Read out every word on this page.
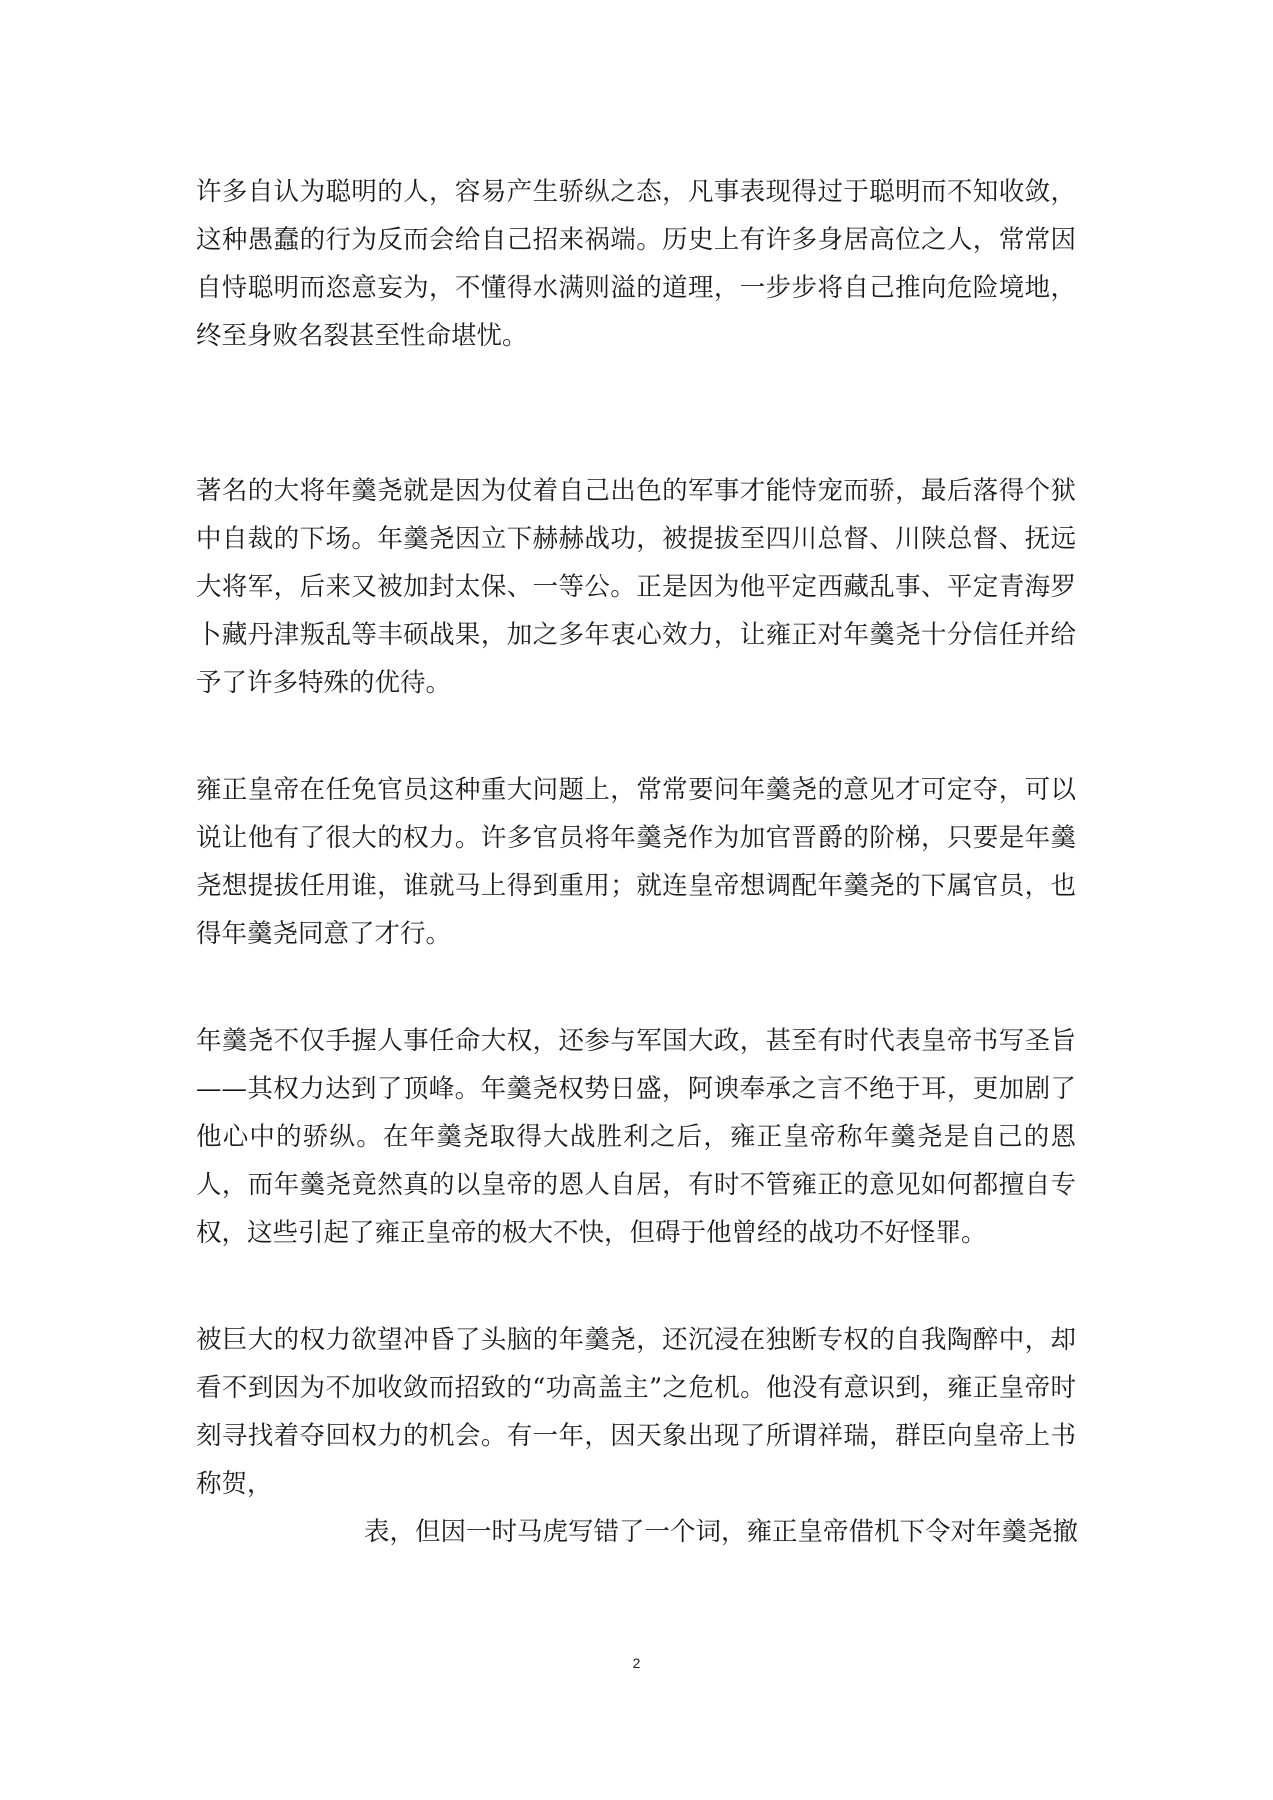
许多自认为聪明的人，容易产生骄纵之态，凡事表现得过于聪明而不知收敛，这种愚蠢的行为反而会给自己招来祸端。历史上有许多身居高位之人，常常因自恃聪明而恣意妄为，不懂得水满则溢的道理，一步步将自己推向危险境地，终至身败名裂甚至性命堪忧。

著名的大将年羹尧就是因为仗着自己出色的军事才能恃宠而骄，最后落得个狱中自裁的下场。年羹尧因立下赫赫战功，被提拔至四川总督、川陕总督、抚远大将军，后来又被加封太保、一等公。正是因为他平定西藏乱事、平定青海罗卜藏丹津叛乱等丰硕战果，加之多年衷心效力，让雍正对年羹尧十分信任并给予了许多特殊的优待。

雍正皇帝在任免官员这种重大问题上，常常要问年羹尧的意见才可定夺，可以说让他有了很大的权力。许多官员将年羹尧作为加官晋爵的阶梯，只要是年羹尧想提拔任用谁，谁就马上得到重用；就连皇帝想调配年羹尧的下属官员，也得年羹尧同意了才行。

年羹尧不仅手握人事任命大权，还参与军国大政，甚至有时代表皇帝书写圣旨——其权力达到了顶峰。年羹尧权势日盛，阿谀奉承之言不绝于耳，更加剧了他心中的骄纵。在年羹尧取得大战胜利之后，雍正皇帝称年羹尧是自己的恩人，而年羹尧竟然真的以皇帝的恩人自居，有时不管雍正的意见如何都擅自专权，这些引起了雍正皇帝的极大不快，但碍于他曾经的战功不好怪罪。

被巨大的权力欲望冲昏了头脑的年羹尧，还沉浸在独断专权的自我陶醉中，却看不到因为不加收敛而招致的“功高盖主”之危机。他没有意识到，雍正皇帝时刻寻找着夺回权力的机会。有一年，因天象出现了所谓祥瑞，群臣向皇帝上书称贺，

表，但因一时马虎写错了一个词，雍正皇帝借机下令对年羹尧撤

2
